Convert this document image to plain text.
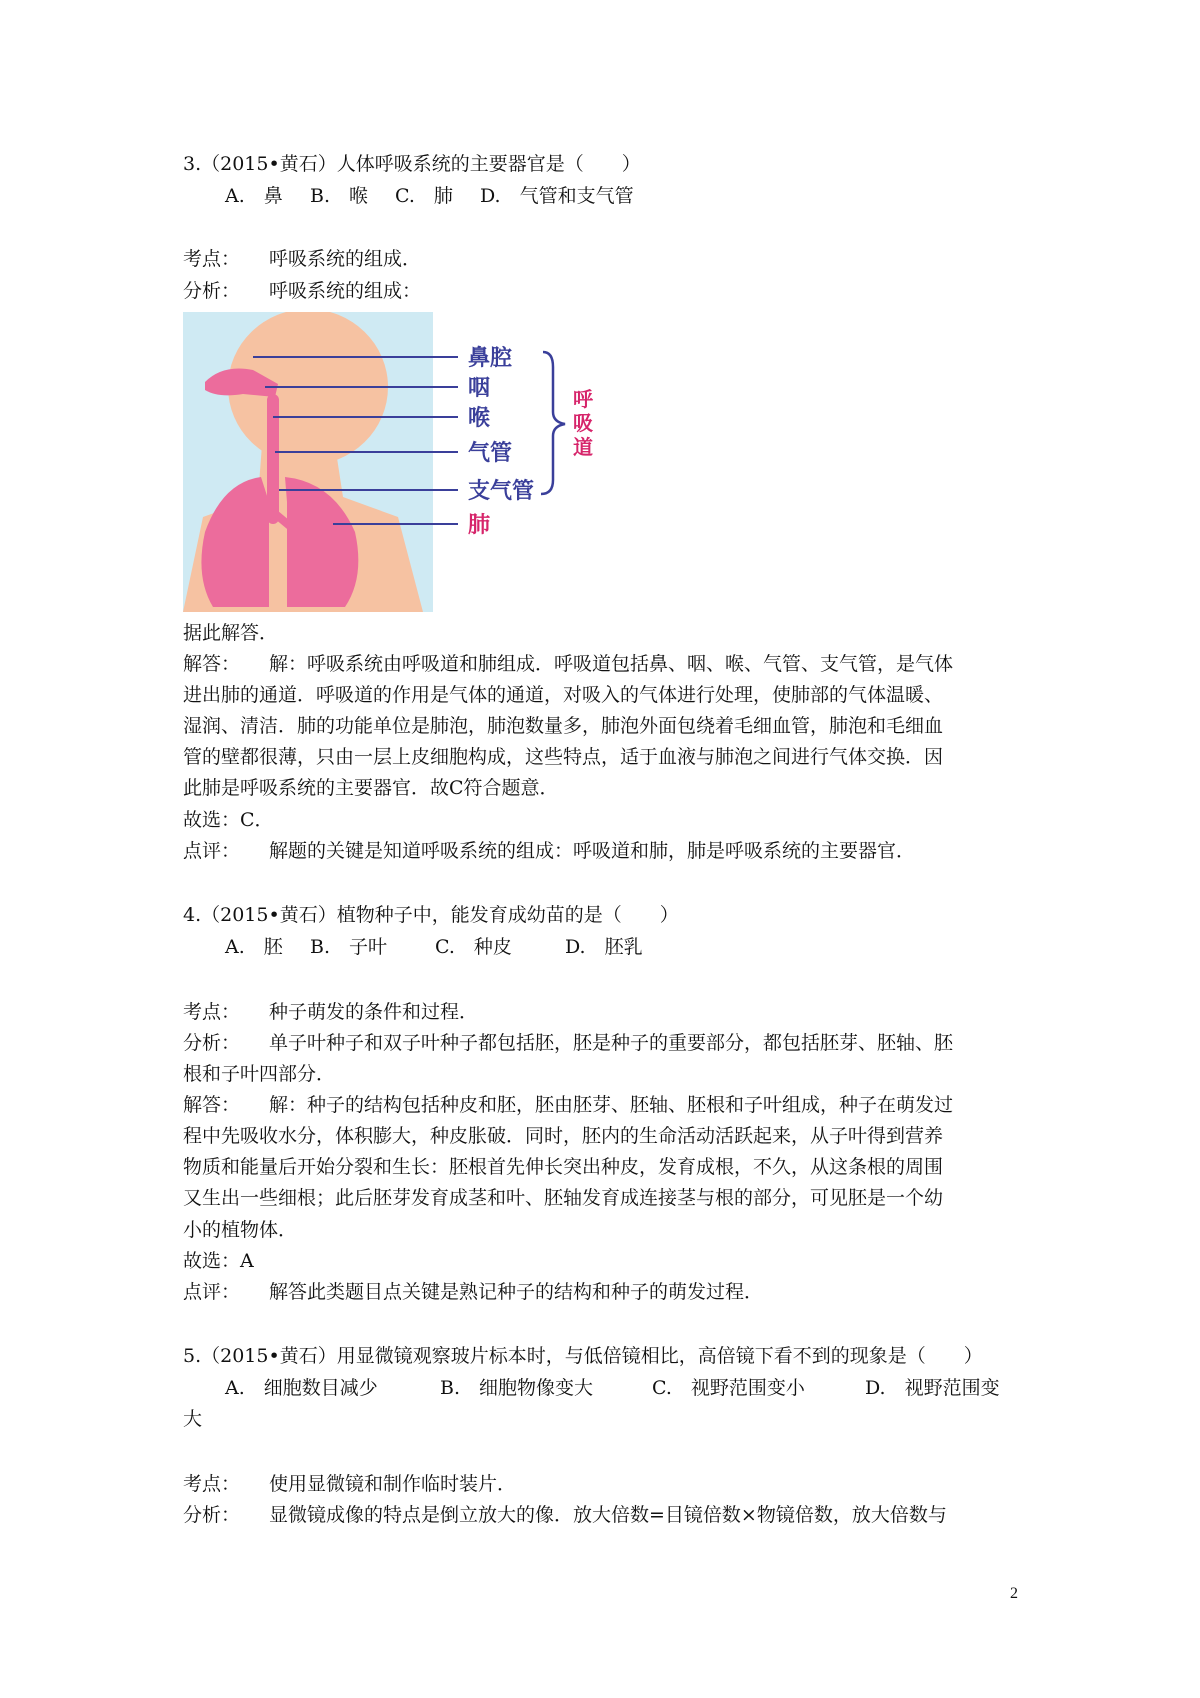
3.（2015•黄石）人体呼吸系统的主要器官是（　　）
A.　鼻 B.　喉 C.　肺 D.　气管和支气管
考点： 呼吸系统的组成．
分析： 呼吸系统的组成：
鼻腔
咽
喉
气管
支气管
肺
呼
吸
道
据此解答．
解答： 解：呼吸系统由呼吸道和肺组成．呼吸道包括鼻、咽、喉、气管、支气管，是气体
进出肺的通道．呼吸道的作用是气体的通道，对吸入的气体进行处理，使肺部的气体温暖、
湿润、清洁．肺的功能单位是肺泡，肺泡数量多，肺泡外面包绕着毛细血管，肺泡和毛细血
管的壁都很薄，只由一层上皮细胞构成，这些特点，适于血液与肺泡之间进行气体交换．因
此肺是呼吸系统的主要器官．故C符合题意．
故选：C．
点评： 解题的关键是知道呼吸系统的组成：呼吸道和肺，肺是呼吸系统的主要器官．
4.（2015•黄石）植物种子中，能发育成幼苗的是（　　）
A.　胚 B.　子叶	C.　种皮	D.　胚乳
考点： 种子萌发的条件和过程．
分析： 单子叶种子和双子叶种子都包括胚，胚是种子的重要部分，都包括胚芽、胚轴、胚
根和子叶四部分．
解答： 解：种子的结构包括种皮和胚，胚由胚芽、胚轴、胚根和子叶组成，种子在萌发过
程中先吸收水分，体积膨大，种皮胀破．同时，胚内的生命活动活跃起来，从子叶得到营养
物质和能量后开始分裂和生长：胚根首先伸长突出种皮，发育成根，不久，从这条根的周围
又生出一些细根；此后胚芽发育成茎和叶、胚轴发育成连接茎与根的部分，可见胚是一个幼
小的植物体．
故选：A
点评： 解答此类题目点关键是熟记种子的结构和种子的萌发过程．
5.（2015•黄石）用显微镜观察玻片标本时，与低倍镜相比，高倍镜下看不到的现象是（　　）
A.　细胞数目减少	B.　细胞物像变大	C.　视野范围变小	D.　视野范围变
大
考点： 使用显微镜和制作临时装片．
分析： 显微镜成像的特点是倒立放大的像．放大倍数=目镜倍数×物镜倍数，放大倍数与
2
